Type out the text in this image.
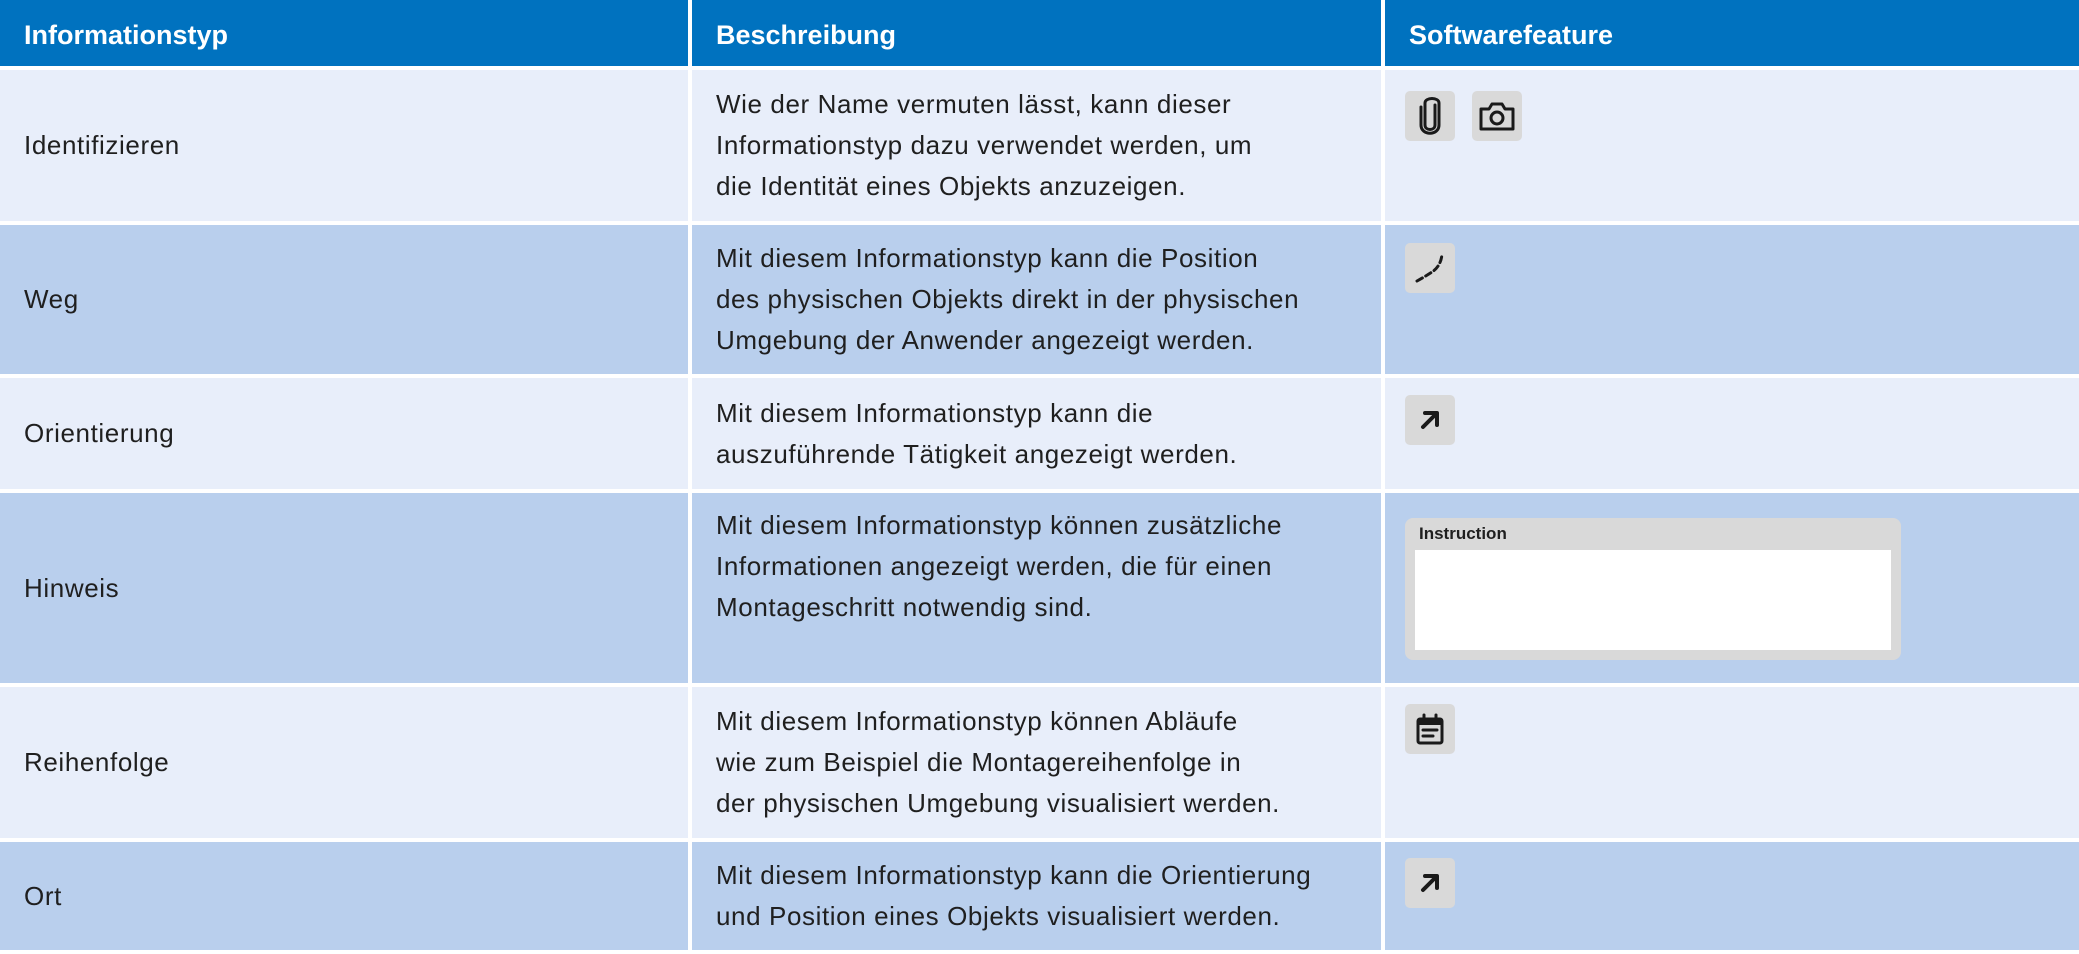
Informationstyp	Beschreibung	Softwarefeature
Identifizieren
Wie der Name vermuten lässt, kann dieser
Informationstyp dazu verwendet werden, um
die Identität eines Objekts anzuzeigen.
Weg
Mit diesem Informationstyp kann die Position
des physischen Objekts direkt in der physischen
Umgebung der Anwender angezeigt werden.
Orientierung
Mit diesem Informationstyp kann die
auszuführende Tätigkeit angezeigt werden.
Hinweis
Mit diesem Informationstyp können zusätzliche
Informationen angezeigt werden, die für einen
Montageschritt notwendig sind.
Instruction
Reihenfolge
Mit diesem Informationstyp können Abläufe
wie zum Beispiel die Montagereihenfolge in
der physischen Umgebung visualisiert werden.
Ort
Mit diesem Informationstyp kann die Orientierung
und Position eines Objekts visualisiert werden.
